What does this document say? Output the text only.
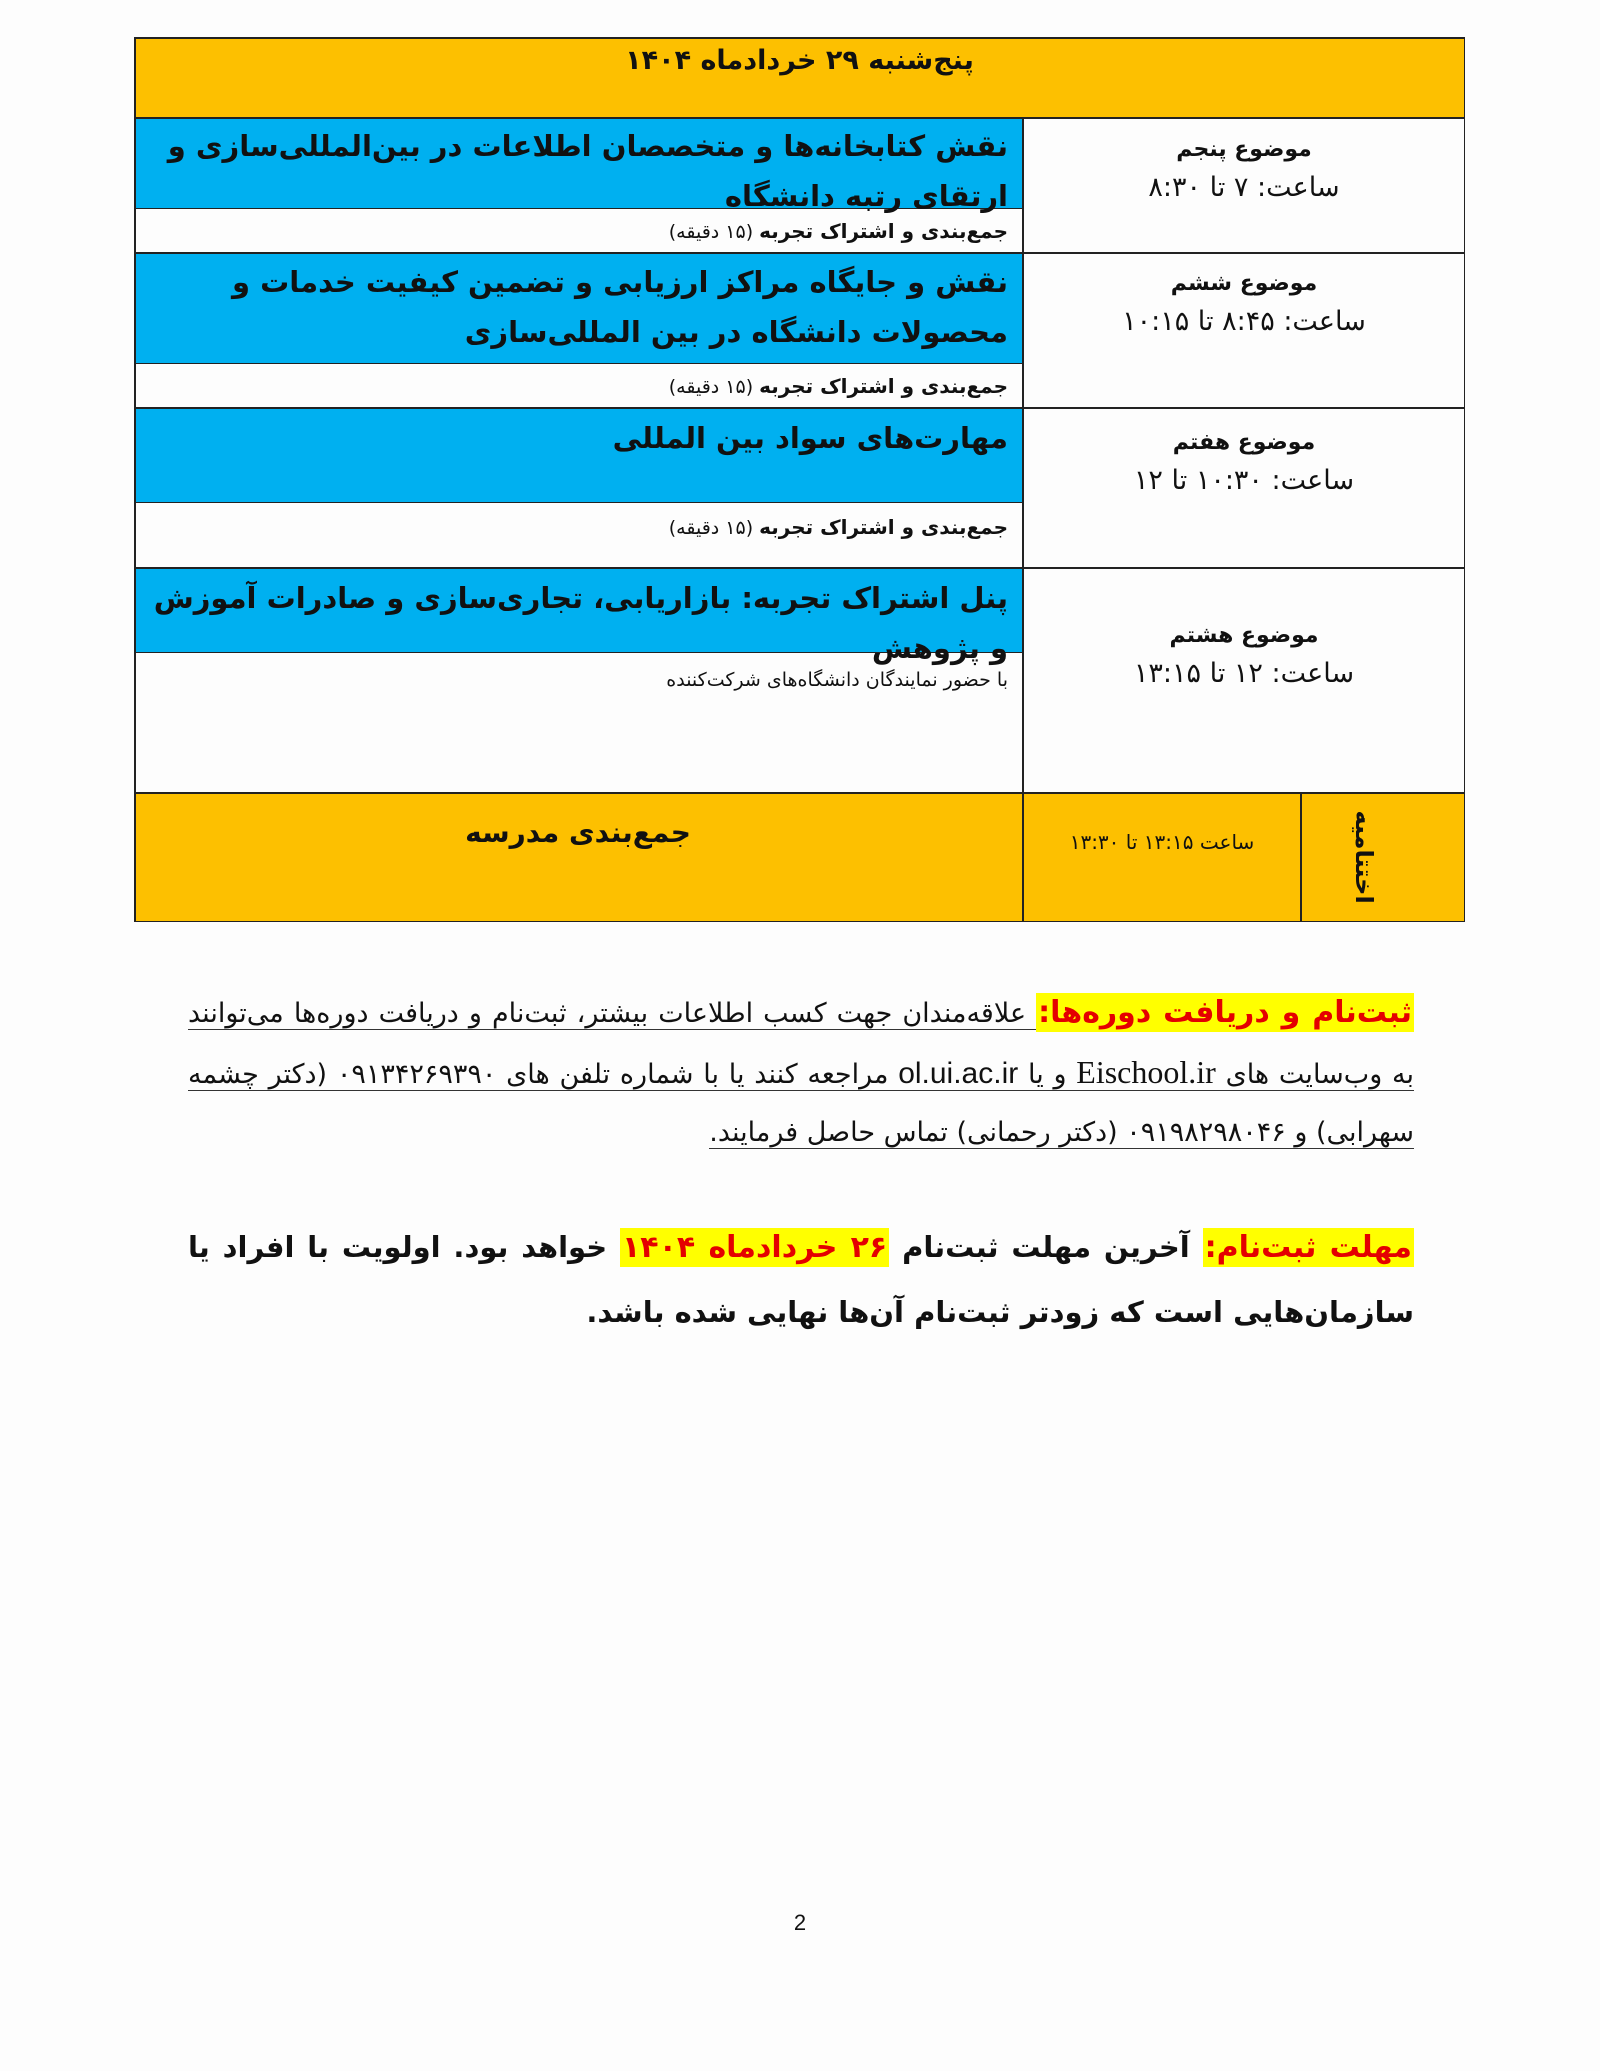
پنج‌شنبه ۲۹ خردادماه ۱۴۰۴
موضوع پنجم
ساعت: ۷ تا ۸:۳۰
نقش کتابخانه‌ها و متخصصان اطلاعات در بین‌المللی‌سازی و ارتقای رتبه دانشگاه
جمع‌بندی و اشتراک تجربه (۱۵ دقیقه)
موضوع ششم
ساعت: ۸:۴۵ تا ۱۰:۱۵
نقش و جایگاه مراکز ارزیابی و تضمین کیفیت خدمات و محصولات دانشگاه در بین المللی‌سازی
جمع‌بندی و اشتراک تجربه (۱۵ دقیقه)
موضوع هفتم
ساعت: ۱۰:۳۰ تا ۱۲
مهارت‌های سواد بین المللی
جمع‌بندی و اشتراک تجربه (۱۵ دقیقه)
موضوع هشتم
ساعت: ۱۲ تا ۱۳:۱۵
پنل اشتراک تجربه: بازاریابی، تجاری‌سازی و صادرات آموزش و پژوهش
با حضور نمایندگان دانشگاه‌های شرکت‌کننده
ساعت ۱۳:۱۵ تا ۱۳:۳۰
جمع‌بندی مدرسه
ثبت‌نام و دریافت دوره‌ها: علاقه‌مندان جهت کسب اطلاعات بیشتر، ثبت‌نام و دریافت دوره‌ها می‌توانند به وب‌سایت های Eischool.ir و یا ol.ui.ac.ir مراجعه کنند یا با شماره تلفن های ۰۹۱۳۴۲۶۹۳۹۰ (دکتر چشمه سهرابی) و ۰۹۱۹۸۲۹۸۰۴۶ (دکتر رحمانی) تماس حاصل فرمایند.
مهلت ثبت‌نام: آخرین مهلت ثبت‌نام ۲۶ خردادماه ۱۴۰۴ خواهد بود. اولویت با افراد یا سازمان‌هایی است که زودتر ثبت‌نام آن‌ها نهایی شده باشد.
2
